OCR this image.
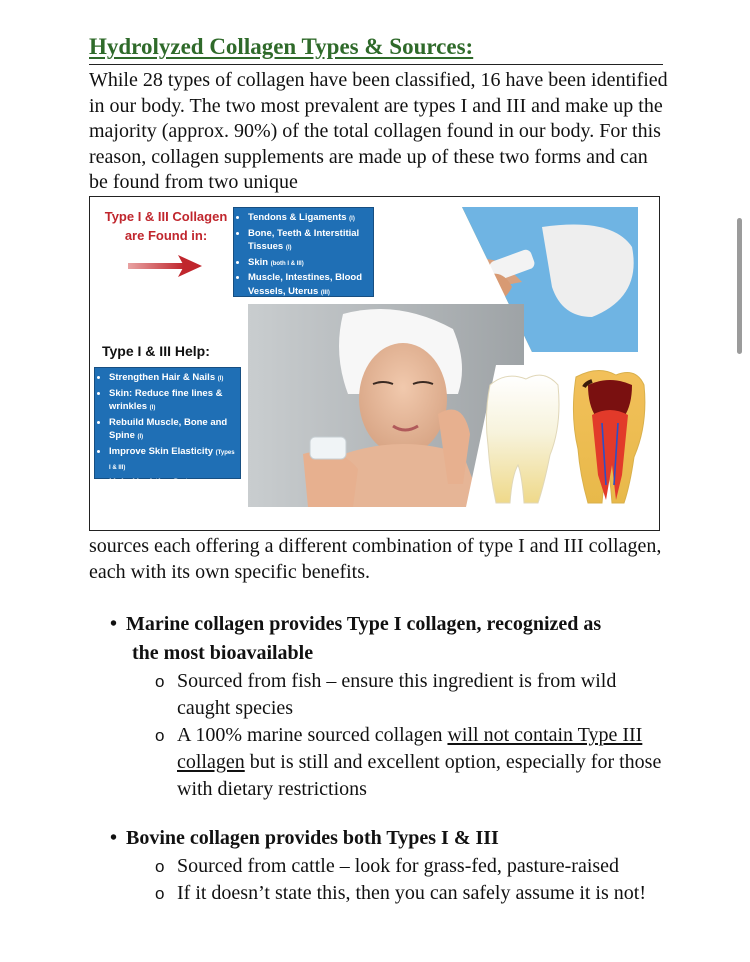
Hydrolyzed Collagen Types & Sources:
While 28 types of collagen have been classified, 16 have been identified in our body. The two most prevalent are types I and III and make up the majority (approx. 90%) of the total collagen found in our body. For this reason, collagen supplements are made up of these two forms and can be found from two unique
Type I & III Collagen are Found in:
• Tendons & Ligaments (I)
• Bone, Teeth & Interstitial Tissues (I)
• Skin (both I & III)
• Muscle, Intestines, Blood Vessels, Uterus (III)
Type I & III Help:
• Strengthen Hair & Nails (I)
• Skin: Reduce fine lines & wrinkles (I)
• Rebuild Muscle, Bone and Spine (I)
• Improve Skin Elasticity (Types I & III)
• Help Heal the Gut (III)
sources each offering a different combination of type I and III collagen, each with its own specific benefits.
• Marine collagen provides Type I collagen, recognized as
the most bioavailable
o Sourced from fish – ensure this ingredient is from wild caught species
o A 100% marine sourced collagen will not contain Type III collagen but is still and excellent option, especially for those with dietary restrictions
• Bovine collagen provides both Types I & III
o Sourced from cattle – look for grass-fed, pasture-raised
o If it doesn’t state this, then you can safely assume it is not!
